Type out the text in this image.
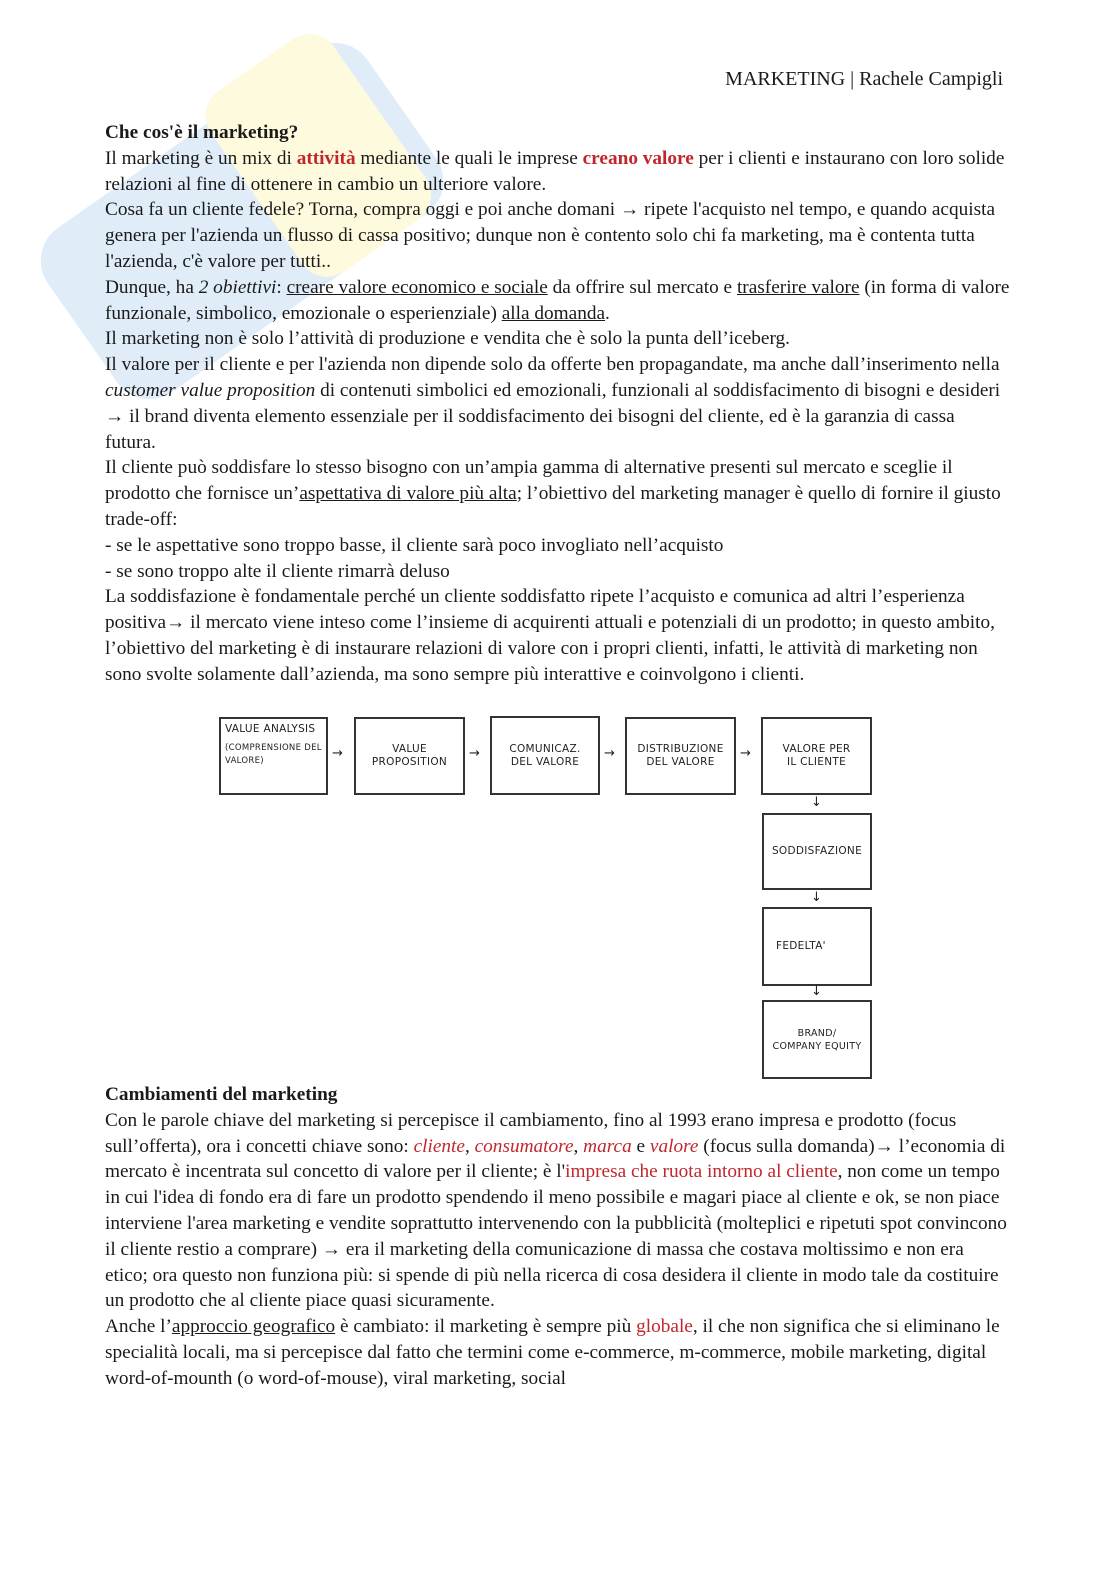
MARKETING | Rachele Campigli
Che cos'è il marketing?

Il marketing è un mix di attività mediante le quali le imprese creano valore per i clienti e instaurano con loro solide relazioni al fine di ottenere in cambio un ulteriore valore.

Cosa fa un cliente fedele? Torna, compra oggi e poi anche domani → ripete l'acquisto nel tempo, e quando acquista genera per l'azienda un flusso di cassa positivo; dunque non è contento solo chi fa marketing, ma è contenta tutta l'azienda, c'è valore per tutti..

Dunque, ha 2 obiettivi: creare valore economico e sociale da offrire sul mercato e trasferire valore (in forma di valore funzionale, simbolico, emozionale o esperienziale) alla domanda.

Il marketing non è solo l’attività di produzione e vendita che è solo la punta dell’iceberg.

Il valore per il cliente e per l'azienda non dipende solo da offerte ben propagandate, ma anche dall’inserimento nella customer value proposition di contenuti simbolici ed emozionali, funzionali al soddisfacimento di bisogni e desideri → il brand diventa elemento essenziale per il soddisfacimento dei bisogni del cliente, ed è la garanzia di cassa futura.

Il cliente può soddisfare lo stesso bisogno con un’ampia gamma di alternative presenti sul mercato e sceglie il prodotto che fornisce un’aspettativa di valore più alta; l’obiettivo del marketing manager è quello di fornire il giusto trade-off:

- se le aspettative sono troppo basse, il cliente sarà poco invogliato nell’acquisto

- se sono troppo alte il cliente rimarrà deluso

La soddisfazione è fondamentale perché un cliente soddisfatto ripete l’acquisto e comunica ad altri l’esperienza positiva→ il mercato viene inteso come l’insieme di acquirenti attuali e potenziali di un prodotto; in questo ambito, l’obiettivo del marketing è di instaurare relazioni di valore con i propri clienti, infatti, le attività di marketing non sono svolte solamente dall’azienda, ma sono sempre più interattive e coinvolgono i clienti.

VALUE ANALYSIS
(COMPRENSIONE DEL VALORE)	→	VALUE PROPOSITION
→	COMUNICAZ.
DEL VALORE
→ DISTRIBUZIONE
DEL VALORE
→	VALORE PER
IL CLIENTE
↓
SODDISFAZIONE
↓
FEDELTA'
↓
BRAND/
COMPANY EQUITY
Cambiamenti del marketing

Con le parole chiave del marketing si percepisce il cambiamento, fino al 1993 erano impresa e prodotto (focus sull’offerta), ora i concetti chiave sono: cliente, consumatore, marca e valore (focus sulla domanda)→ l’economia di mercato è incentrata sul concetto di valore per il cliente; è l'impresa che ruota intorno al cliente, non come un tempo in cui l'idea di fondo era di fare un prodotto spendendo il meno possibile e magari piace al cliente e ok, se non piace interviene l'area marketing e vendite soprattutto intervenendo con la pubblicità (molteplici e ripetuti spot convincono il cliente restio a comprare) → era il marketing della comunicazione di massa che costava moltissimo e non era etico; ora questo non funziona più: si spende di più nella ricerca di cosa desidera il cliente in modo tale da costituire un prodotto che al cliente piace quasi sicuramente.

Anche l’approccio geografico è cambiato: il marketing è sempre più globale, il che non significa che si eliminano le specialità locali, ma si percepisce dal fatto che termini come e-commerce, m-commerce, mobile marketing, digital word-of-mounth (o word-of-mouse), viral marketing, social
